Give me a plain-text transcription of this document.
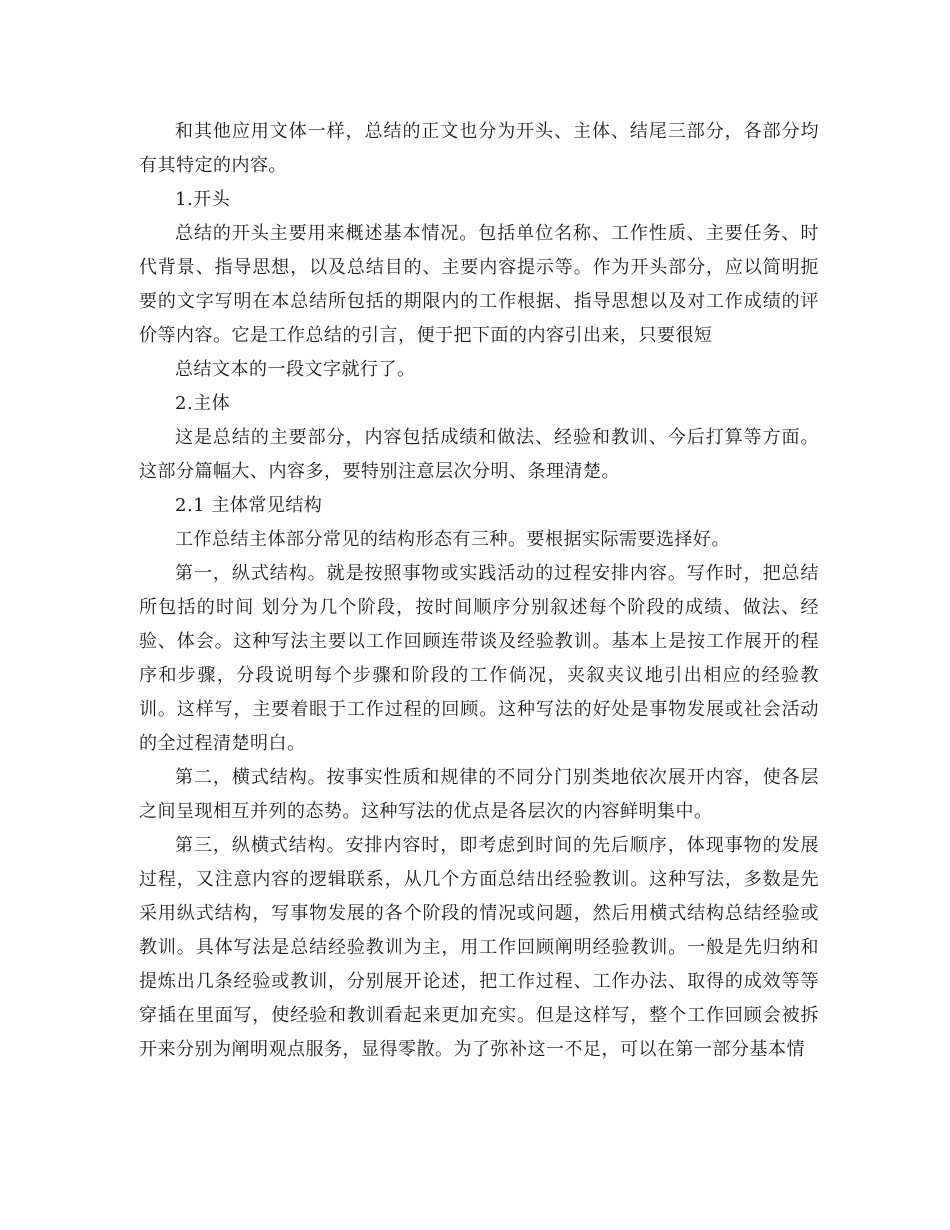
和其他应用文体一样，总结的正文也分为开头、主体、结尾三部分，各部分均有其特定的内容。

1.开头

总结的开头主要用来概述基本情况。包括单位名称、工作性质、主要任务、时代背景、指导思想，以及总结目的、主要内容提示等。作为开头部分，应以简明扼要的文字写明在本总结所包括的期限内的工作根据、指导思想以及对工作成绩的评价等内容。它是工作总结的引言，便于把下面的内容引出来，只要很短

总结文本的一段文字就行了。

2.主体

这是总结的主要部分，内容包括成绩和做法、经验和教训、今后打算等方面。这部分篇幅大、内容多，要特别注意层次分明、条理清楚。

2.1 主体常见结构

工作总结主体部分常见的结构形态有三种。要根据实际需要选择好。

第一，纵式结构。就是按照事物或实践活动的过程安排内容。写作时，把总结所包括的时间 划分为几个阶段，按时间顺序分别叙述每个阶段的成绩、做法、经验、体会。这种写法主要以工作回顾连带谈及经验教训。基本上是按工作展开的程序和步骤，分段说明每个步骤和阶段的工作倘况，夹叙夹议地引出相应的经验教训。这样写，主要着眼于工作过程的回顾。这种写法的好处是事物发展或社会活动的全过程清楚明白。

第二，横式结构。按事实性质和规律的不同分门别类地依次展开内容，使各层之间呈现相互并列的态势。这种写法的优点是各层次的内容鲜明集中。

第三，纵横式结构。安排内容时，即考虑到时间的先后顺序，体现事物的发展过程，又注意内容的逻辑联系，从几个方面总结出经验教训。这种写法，多数是先采用纵式结构，写事物发展的各个阶段的情况或问题，然后用横式结构总结经验或教训。具体写法是总结经验教训为主，用工作回顾阐明经验教训。一般是先归纳和提炼出几条经验或教训，分别展开论述，把工作过程、工作办法、取得的成效等等穿插在里面写，使经验和教训看起来更加充实。但是这样写，整个工作回顾会被拆开来分别为阐明观点服务，显得零散。为了弥补这一不足，可以在第一部分基本情
